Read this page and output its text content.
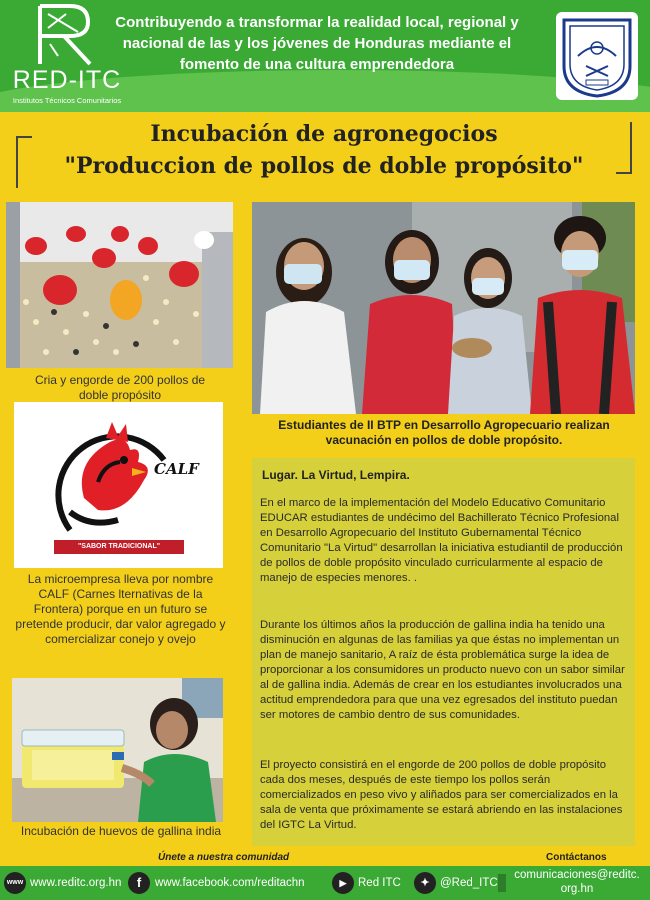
RED-ITC
Institutos Técnicos Comunitarios
Contribuyendo a transformar la realidad local, regional y nacional de las y los jóvenes de Honduras mediante el fomento de una cultura emprendedora
Incubación de agronegocios
"Produccion de pollos de doble propósito"
Cria y engorde de 200 pollos de doble propósito
Estudiantes de II BTP en Desarrollo Agropecuario realizan vacunación en pollos de doble propósito.
CALF
"SABOR TRADICIONAL"
La microempresa lleva por nombre CALF (Carnes lternativas de la Frontera) porque en un futuro se pretende producir, dar valor agregado y comercializar conejo y ovejo
Incubación de huevos de gallina india
Lugar. La Virtud, Lempira.

En el marco de la implementación del Modelo Educativo Comunitario EDUCAR estudiantes de undécimo del Bachillerato Técnico Profesional en Desarrollo Agropecuario del Instituto Gubernamental Técnico Comunitario "La Virtud" desarrollan la iniciativa estudiantil de producción de pollos de doble propósito vinculado curricularmente al espacio de manejo de especies menores. .

Durante los últimos años la producción de gallina india ha tenido una disminución en algunas de las familias ya que éstas no implementan un plan de manejo sanitario, A raíz de ésta problemática surge la idea de proporcionar a los consumidores un producto nuevo con un sabor similar al de gallina india. Además de crear en los estudiantes involucrados una actitud emprendedora para que una vez egresados del instituto puedan ser motores de cambio dentro de sus comunidades.

El proyecto consistirá en el engorde de 200 pollos de doble propósito cada dos meses, después de este tiempo los pollos serán comercializados en peso vivo y aliñados para ser comercializados en la sala de venta que próximamente se estará abriendo en las instalaciones del IGTC La Virtud.

Únete a nuestra comunidad	Contáctanos
www www.reditc.org.hn	f	www.facebook.com/reditachn	▶	Red ITC	✦ @Red_ITC
comunicaciones@reditc.
org.hn
